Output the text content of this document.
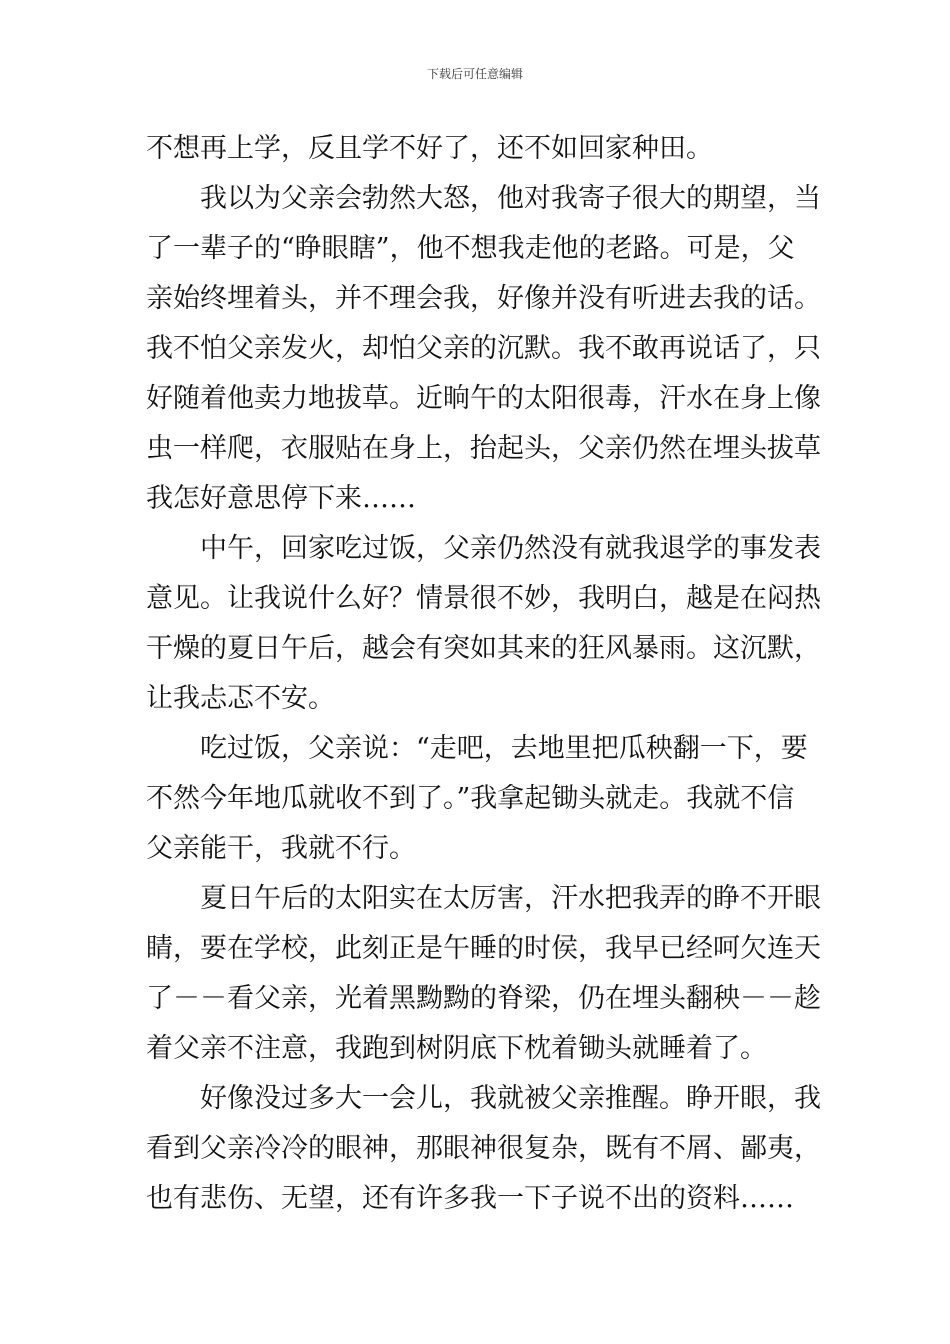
下载后可任意编辑
不想再上学，反且学不好了，还不如回家种田。
我以为父亲会勃然大怒，他对我寄子很大的期望，当
了一辈子的“睁眼瞎”，他不想我走他的老路。可是，父
亲始终埋着头，并不理会我，好像并没有听进去我的话。
我不怕父亲发火，却怕父亲的沉默。我不敢再说话了，只
好随着他卖力地拔草。近晌午的太阳很毒，汗水在身上像
虫一样爬，衣服贴在身上，抬起头，父亲仍然在埋头拔草
我怎好意思停下来……
中午，回家吃过饭，父亲仍然没有就我退学的事发表
意见。让我说什么好？情景很不妙，我明白，越是在闷热
干燥的夏日午后，越会有突如其来的狂风暴雨。这沉默，
让我忐忑不安。
吃过饭，父亲说：“走吧，去地里把瓜秧翻一下，要
不然今年地瓜就收不到了。”我拿起锄头就走。我就不信
父亲能干，我就不行。
夏日午后的太阳实在太厉害，汗水把我弄的睁不开眼
睛，要在学校，此刻正是午睡的时侯，我早已经呵欠连天
了－－看父亲，光着黑黝黝的脊梁，仍在埋头翻秧－－趁
着父亲不注意，我跑到树阴底下枕着锄头就睡着了。
好像没过多大一会儿，我就被父亲推醒。睁开眼，我
看到父亲冷冷的眼神，那眼神很复杂，既有不屑、鄙夷，
也有悲伤、无望，还有许多我一下子说不出的资料……
